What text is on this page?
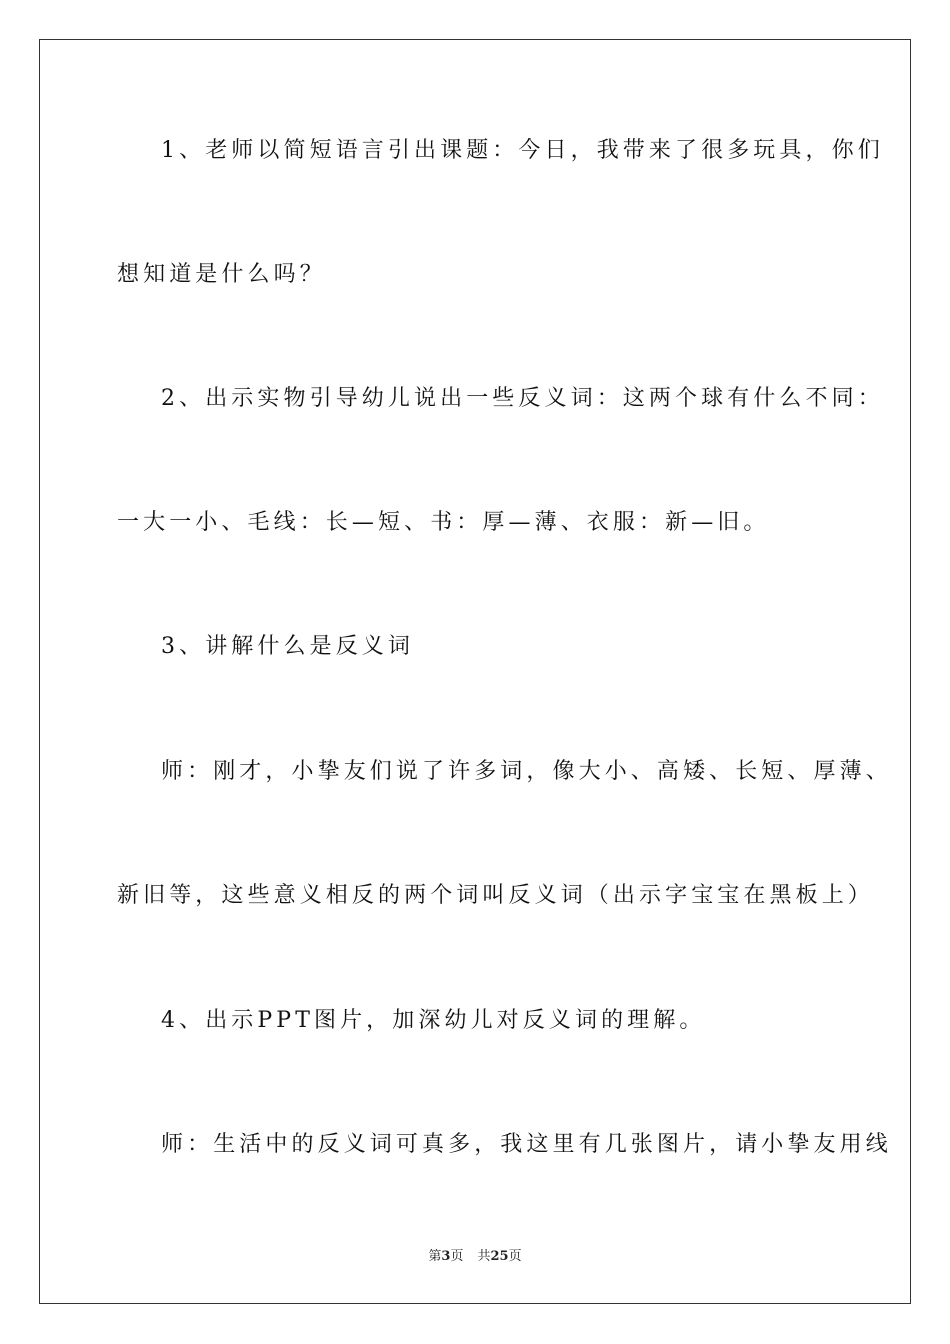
1、老师以简短语言引出课题：今日，我带来了很多玩具，你们
想知道是什么吗？
2、出示实物引导幼儿说出一些反义词：这两个球有什么不同：
一大一小、毛线：长—短、书：厚—薄、衣服：新—旧。
3、讲解什么是反义词
师：刚才，小挚友们说了许多词，像大小、高矮、长短、厚薄、
新旧等，这些意义相反的两个词叫反义词（出示字宝宝在黑板上）
4、出示PPT图片，加深幼儿对反义词的理解。
师：生活中的反义词可真多，我这里有几张图片，请小挚友用线
第3页 共25页
